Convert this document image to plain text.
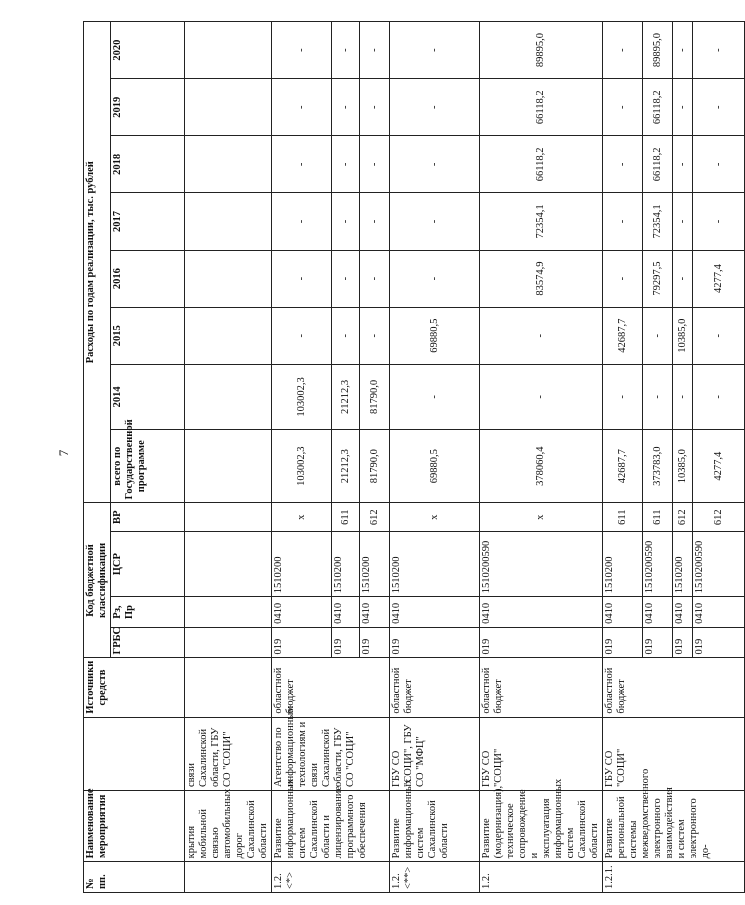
7
№ пп.	Наименование мероприятия		Источники средств	Код бюджетной классификации				Расходы по годам реализации, тыс. рублей							
				ГРБС	Рз, Пр	ЦСР	ВР	всего по Государственной программе	2014	2015	2016	2017	2018	2019	2020
	крытия мобильной связью автомобильных дорог Сахалинской области	связи Сахалинской области, ГБУ СО "СОЦИ"													
1.2. <*>	Развитие информационных систем Сахалинской области и лицензирование программного обеспечения	Агентство по информационным технологиям и связи Сахалинской области, ГБУ СО "СОЦИ"	областной бюджет	019	0410	1510200	x	103002,3	103002,3	-	-	-	-	-	-
				019	0410	1510200	611	21212,3	21212,3	-	-	-	-	-	-
				019	0410	1510200	612	81790,0	81790,0	-	-	-	-	-	-
1.2. <**>	Развитие информационных систем Сахалинской области	ГБУ СО "СОЦИ", ГБУ СО "МФЦ"	областной бюджет	019	0410	1510200	x	69880,5	-	69880,5	-	-	-	-	-
1.2.	Развитие (модернизация), техническое сопровождение и эксплуатация информационных систем Сахалинской области	ГБУ СО "СОЦИ"	областной бюджет	019	0410	1510200590	x	378060,4	-	-	83574,9	72354,1	66118,2	66118,2	89895,0
1.2.1.	Развитие региональной системы межведомственного электронного взаимодействия и систем электронного до-	ГБУ СО "СОЦИ"	областной бюджет	019	0410	1510200	611	42687,7	-	42687,7	-	-	-	-	-
				019	0410	1510200590	611	373783,0	-	-	79297,5	72354,1	66118,2	66118,2	89895,0
				019	0410	1510200	612	10385,0	-	10385,0	-	-	-	-	-
				019	0410	1510200590	612	4277,4	-	-	4277,4	-	-	-	-
